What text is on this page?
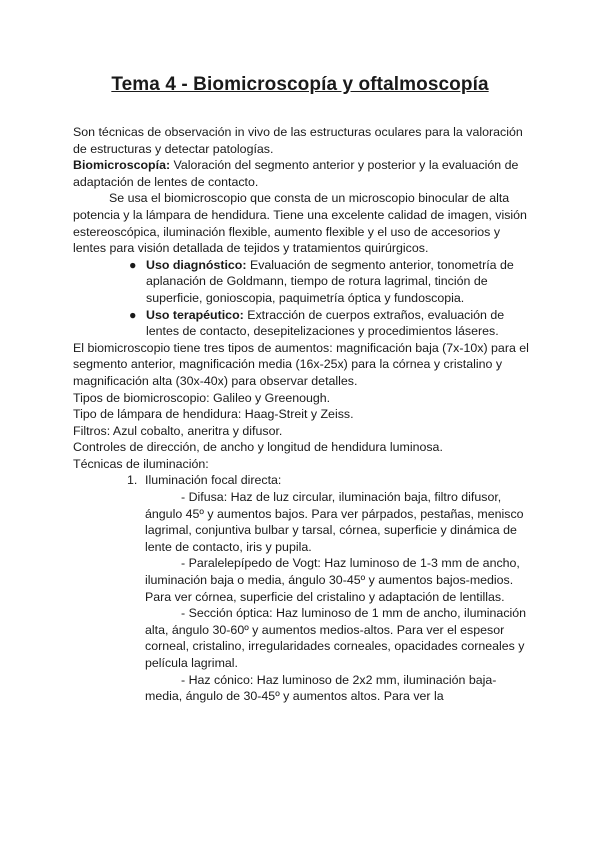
Tema 4 - Biomicroscopía y oftalmoscopía

Son técnicas de observación in vivo de las estructuras oculares para la valoración de estructuras y detectar patologías.

Biomicroscopía: Valoración del segmento anterior y posterior y la evaluación de adaptación de lentes de contacto.

Se usa el biomicroscopio que consta de un microscopio binocular de alta potencia y la lámpara de hendidura. Tiene una excelente calidad de imagen, visión estereoscópica, iluminación flexible, aumento flexible y el uso de accesorios y lentes para visión detallada de tejidos y tratamientos quirúrgicos.

● Uso diagnóstico: Evaluación de segmento anterior, tonometría de aplanación de Goldmann, tiempo de rotura lagrimal, tinción de superficie, gonioscopia, paquimetría óptica y fundoscopia.
● Uso terapéutico: Extracción de cuerpos extraños, evaluación de lentes de contacto, desepitelizaciones y procedimientos láseres.

El biomicroscopio tiene tres tipos de aumentos: magnificación baja (7x-10x) para el segmento anterior, magnificación media (16x-25x) para la córnea y cristalino y magnificación alta (30x-40x) para observar detalles.

Tipos de biomicroscopio: Galileo y Greenough.

Tipo de lámpara de hendidura: Haag-Streit y Zeiss.

Filtros: Azul cobalto, aneritra y difusor.

Controles de dirección, de ancho y longitud de hendidura luminosa.

Técnicas de iluminación:

1. Iluminación focal directa:

- Difusa: Haz de luz circular, iluminación baja, filtro difusor, ángulo 45º y aumentos bajos. Para ver párpados, pestañas, menisco lagrimal, conjuntiva bulbar y tarsal, córnea, superficie y dinámica de lente de contacto, iris y pupila.

- Paralelepípedo de Vogt: Haz luminoso de 1-3 mm de ancho, iluminación baja o media, ángulo 30-45º y aumentos bajos-medios. Para ver córnea, superficie del cristalino y adaptación de lentillas.

- Sección óptica: Haz luminoso de 1 mm de ancho, iluminación alta, ángulo 30-60º y aumentos medios-altos. Para ver el espesor corneal, cristalino, irregularidades corneales, opacidades corneales y película lagrimal.

- Haz cónico: Haz luminoso de 2x2 mm, iluminación baja-media, ángulo de 30-45º y aumentos altos. Para ver la
